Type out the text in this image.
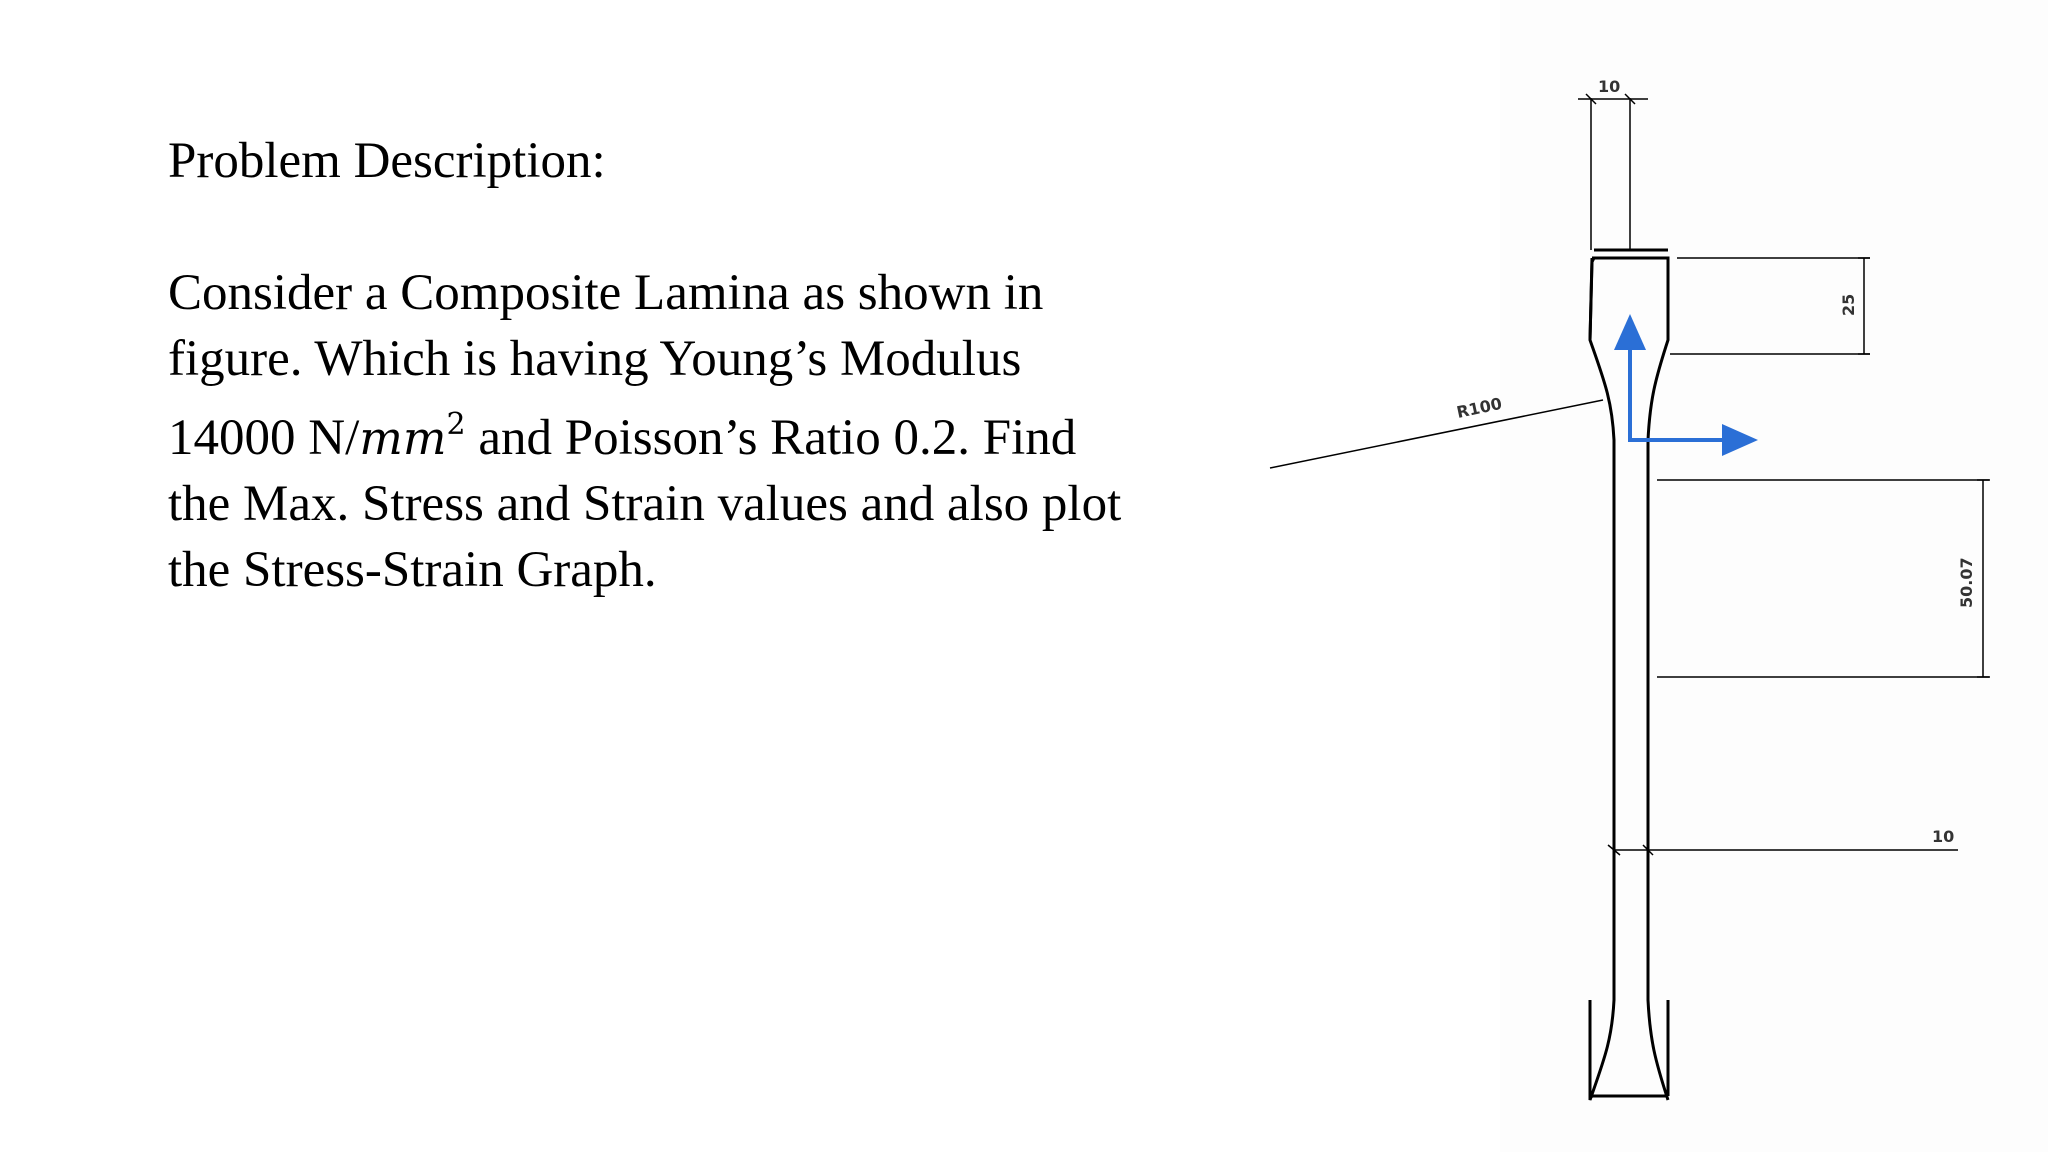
Problem Description:
Consider a Composite Lamina as shown in
figure. Which is having Young’s Modulus
14000 $N/mm^2$ and Poisson’s Ratio 0.2. Find
the Max. Stress and Strain values and also plot
the Stress-Strain Graph.
10
25
R100
50.07
10
